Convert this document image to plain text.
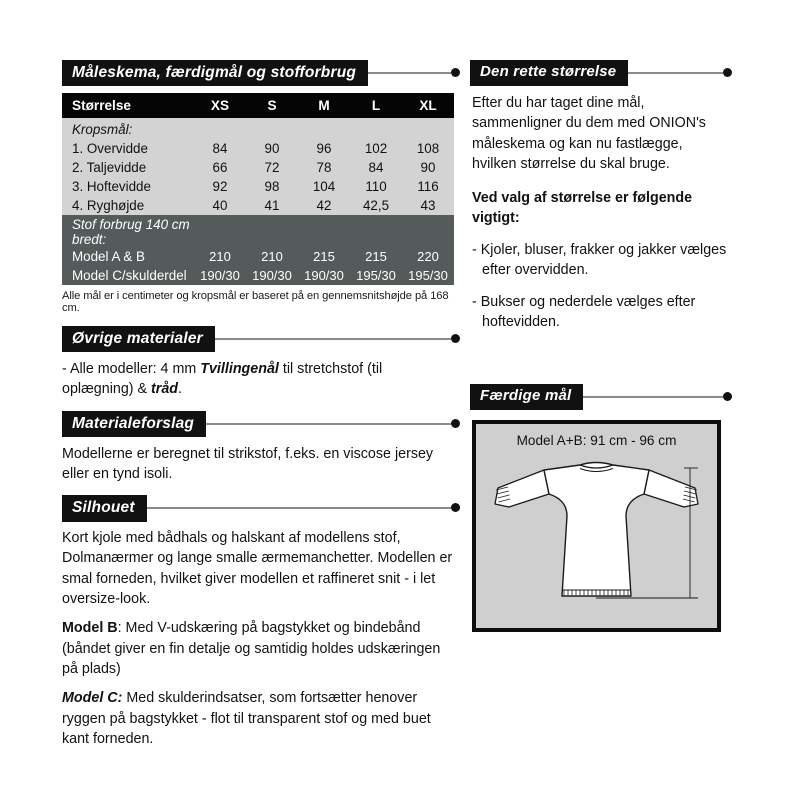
Måleskema, færdigmål og stofforbrug
Størrelse	XS	S	M	L	XL
Kropsmål:					
1. Overvidde	84	90	96	102	108
2. Taljevidde	66	72	78	84	90
3. Hoftevidde	92	98	104	110	116
4. Ryghøjde	40	41	42	42,5	43
Stof forbrug 140 cm bredt:					
Model A & B	210	210	215	215	220
Model C/skulderdel	190/30	190/30	190/30	195/30	195/30
Alle mål er i centimeter og kropsmål er baseret på en gennemsnitshøjde på 168 cm.
Øvrige materialer
- Alle modeller: 4 mm Tvillingenål til stretchstof (til oplægning) & tråd.
Materialeforslag
Modellerne er beregnet til strikstof, f.eks. en viscose jersey eller en tynd isoli.
Silhouet
Kort kjole med bådhals og halskant af modellens stof, Dolmanærmer og lange smalle ærmemanchetter. Modellen er smal forneden, hvilket giver modellen et raffineret snit - i let oversize-look.
Model B: Med V-udskæring på bagstykket og bindebånd (båndet giver en fin detalje og samtidig holdes udskæringen på plads)
Model C: Med skulderindsatser, som fortsætter henover ryggen på bagstykket - flot til transparent stof og med buet kant forneden.
Den rette størrelse
Efter du har taget dine mål, sammenligner du dem med ONION's måleskema og kan nu fastlægge, hvilken størrelse du skal bruge.
Ved valg af størrelse er følgende vigtigt:
- Kjoler, bluser, frakker og jakker vælges efter overvidden.
- Bukser og nederdele vælges efter hoftevidden.
Færdige mål
Model A+B: 91 cm - 96 cm
